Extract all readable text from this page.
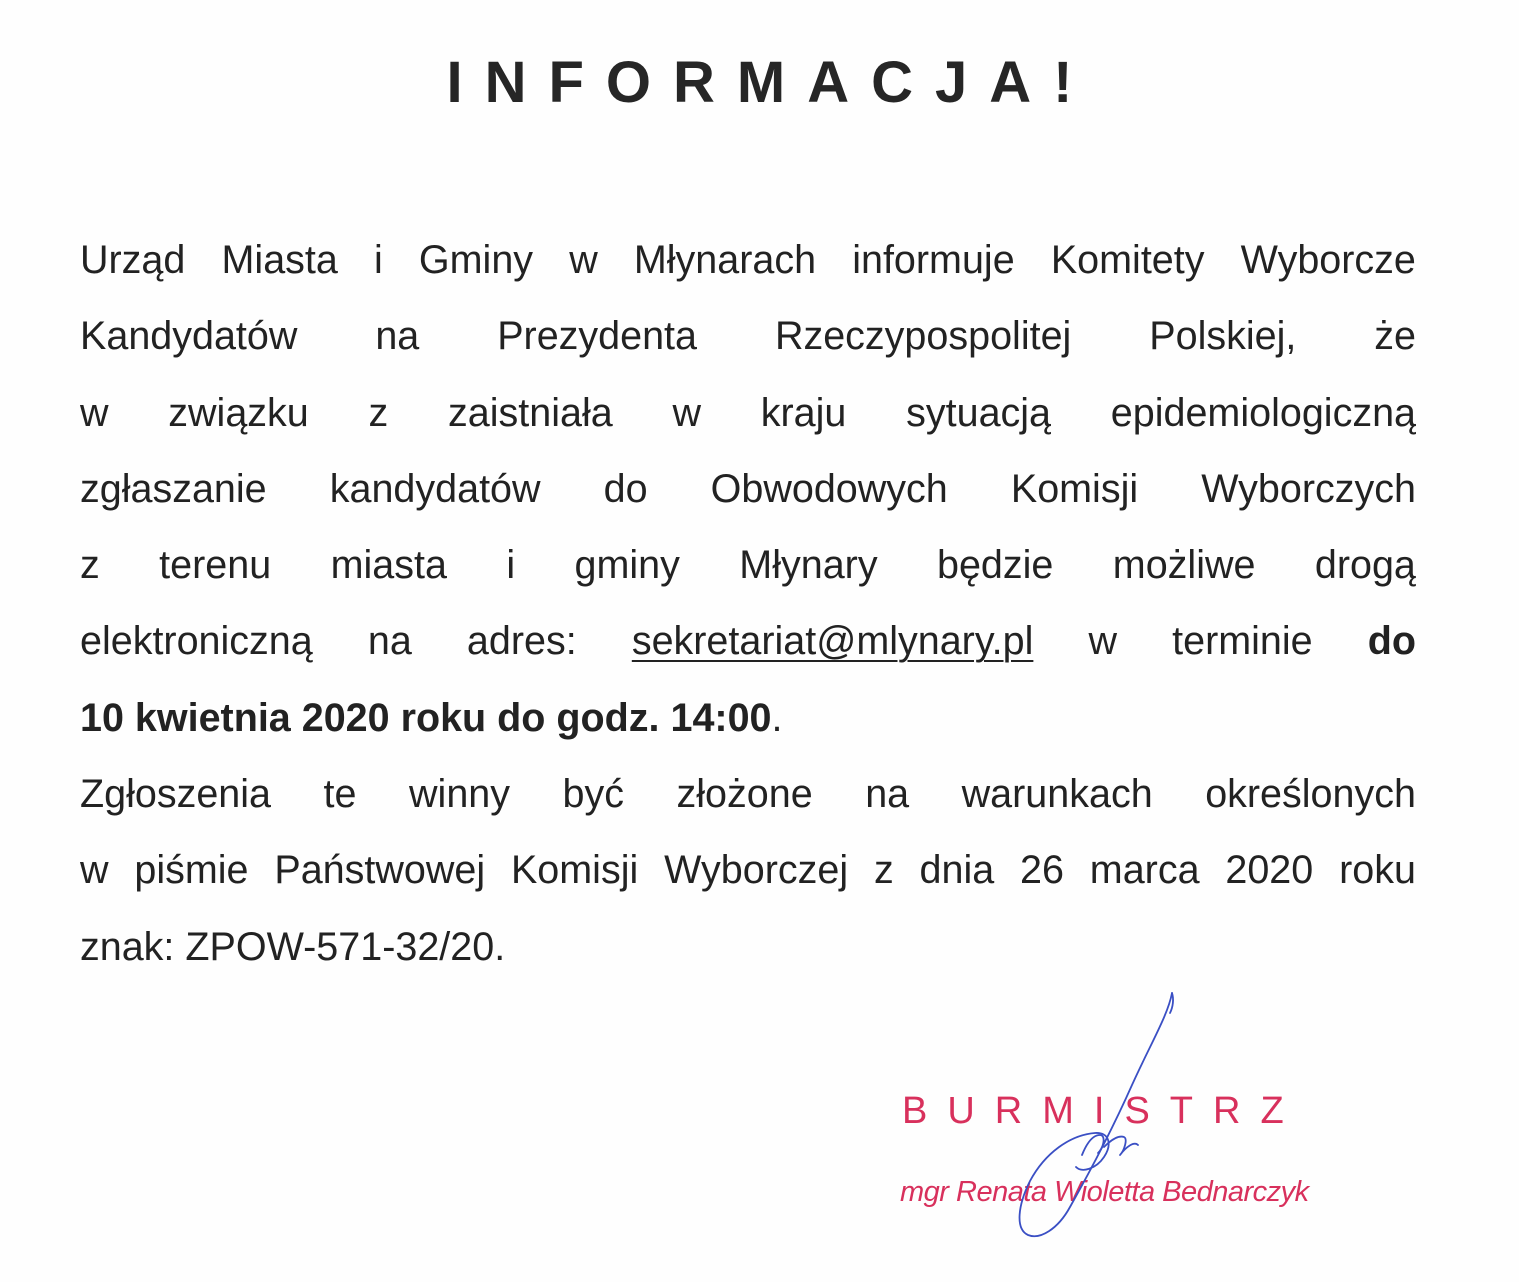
INFORMACJA!
Urząd Miasta i Gminy w Młynarach informuje Komitety Wyborcze
Kandydatów na Prezydenta Rzeczypospolitej Polskiej, że
w związku z zaistniała w kraju sytuacją epidemiologiczną
zgłaszanie kandydatów do Obwodowych Komisji Wyborczych
z terenu miasta i gminy Młynary będzie możliwe drogą
elektroniczną na adres: sekretariat@mlynary.pl w terminie do
10 kwietnia 2020 roku do godz. 14:00.
Zgłoszenia te winny być złożone na warunkach określonych
w piśmie Państwowej Komisji Wyborczej z dnia 26 marca 2020 roku
znak: ZPOW-571-32/20.
BURMISTRZ
mgr Renata Wioletta Bednarczyk
